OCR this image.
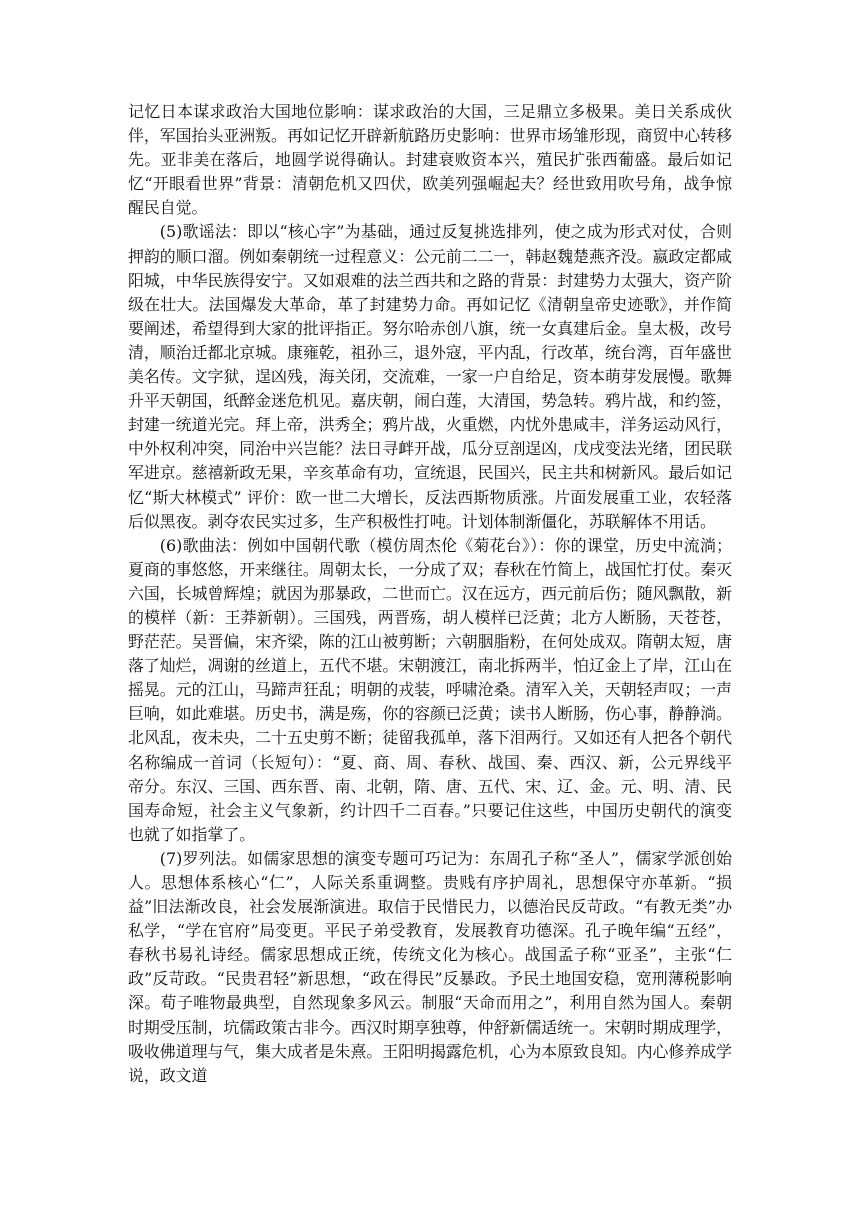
记忆日本谋求政治大国地位影响：谋求政治的大国，三足鼎立多极果。美日关系成伙伴，军国抬头亚洲叛。再如记忆开辟新航路历史影响：世界市场雏形现，商贸中心转移先。亚非美在落后，地圆学说得确认。封建衰败资本兴，殖民扩张西葡盛。最后如记忆“开眼看世界”背景：清朝危机又四伏，欧美列强崛起夫？经世致用吹号角，战争惊醒民自觉。

(5)歌谣法：即以“核心字”为基础，通过反复挑选排列，使之成为形式对仗，合则押韵的顺口溜。例如秦朝统一过程意义：公元前二二一，韩赵魏楚燕齐没。嬴政定都咸阳城，中华民族得安宁。又如艰难的法兰西共和之路的背景：封建势力太强大，资产阶级在壮大。法国爆发大革命，革了封建势力命。再如记忆《清朝皇帝史迹歌》，并作简要阐述，希望得到大家的批评指正。努尔哈赤创八旗，统一女真建后金。皇太极，改号清，顺治迁都北京城。康雍乾，祖孙三，退外寇，平内乱，行改革，统台湾，百年盛世美名传。文字狱，逞凶残，海关闭，交流难，一家一户自给足，资本萌芽发展慢。歌舞升平天朝国，纸醉金迷危机见。嘉庆朝，闹白莲，大清国，势急转。鸦片战，和约签，封建一统道光完。拜上帝，洪秀全；鸦片战，火重燃，内忧外患咸丰，洋务运动风行，中外权利冲突，同治中兴岂能？法日寻衅开战，瓜分豆剖逞凶，戊戌变法光绪，团民联军进京。慈禧新政无果，辛亥革命有功，宣统退，民国兴，民主共和树新风。最后如记忆“斯大林模式” 评价：欧一世二大增长，反法西斯物质涨。片面发展重工业，农轻落后似黑夜。剥夺农民实过多，生产积极性打吨。计划体制渐僵化，苏联解体不用话。

(6)歌曲法：例如中国朝代歌（模仿周杰伦《菊花台》）：你的课堂，历史中流淌；夏商的事悠悠，开来继往。周朝太长，一分成了双；春秋在竹简上，战国忙打仗。秦灭六国，长城曾辉煌；就因为那暴政，二世而亡。汉在远方，西元前后伤；随风飘散，新的模样（新：王莽新朝）。三国残，两晋殇，胡人模样已泛黄；北方人断肠，天苍苍，野茫茫。吴晋偏，宋齐梁，陈的江山被剪断；六朝胭脂粉，在何处成双。隋朝太短，唐落了灿烂，凋谢的丝道上，五代不堪。宋朝渡江，南北拆两半，怕辽金上了岸，江山在摇晃。元的江山，马蹄声狂乱；明朝的戎装，呼啸沧桑。清军入关，天朝轻声叹；一声巨响，如此难堪。历史书，满是殇，你的容颜已泛黄；读书人断肠，伤心事，静静淌。北风乱，夜未央，二十五史剪不断；徒留我孤单，落下泪两行。又如还有人把各个朝代名称编成一首词（长短句）：“夏、商、周、春秋、战国、秦、西汉、新，公元界线平帝分。东汉、三国、西东晋、南、北朝，隋、唐、五代、宋、辽、金。元、明、清、民国寿命短，社会主义气象新，约计四千二百春。”只要记住这些，中国历史朝代的演变也就了如指掌了。

(7)罗列法。如儒家思想的演变专题可巧记为：东周孔子称“圣人”，儒家学派创始人。思想体系核心“仁”，人际关系重调整。贵贱有序护周礼，思想保守亦革新。“损益”旧法渐改良，社会发展渐演进。取信于民惜民力，以德治民反苛政。“有教无类”办私学，“学在官府”局变更。平民子弟受教育，发展教育功德深。孔子晚年编“五经”，春秋书易礼诗经。儒家思想成正统，传统文化为核心。战国孟子称“亚圣”，主张“仁政”反苛政。“民贵君轻”新思想，“政在得民”反暴政。予民土地国安稳，宽刑薄税影响深。荀子唯物最典型，自然现象多风云。制服“天命而用之”，利用自然为国人。秦朝时期受压制，坑儒政策古非今。西汉时期享独尊，仲舒新儒适统一。宋朝时期成理学，吸收佛道理与气，集大成者是朱熹。王阳明揭露危机，心为本原致良知。内心修养成学说，政文道
